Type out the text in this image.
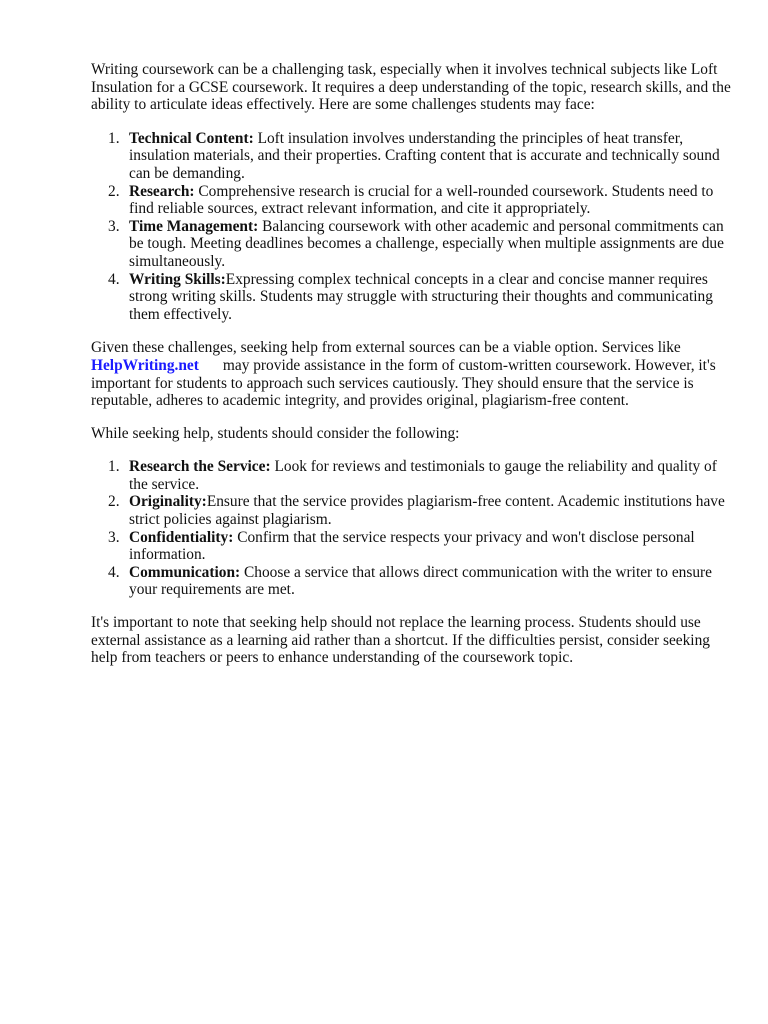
Writing coursework can be a challenging task, especially when it involves technical subjects like Loft Insulation for a GCSE coursework. It requires a deep understanding of the topic, research skills, and the ability to articulate ideas effectively. Here are some challenges students may face:

1. Technical Content: Loft insulation involves understanding the principles of heat transfer, insulation materials, and their properties. Crafting content that is accurate and technically sound can be demanding.
2. Research: Comprehensive research is crucial for a well-rounded coursework. Students need to find reliable sources, extract relevant information, and cite it appropriately.
3. Time Management: Balancing coursework with other academic and personal commitments can be tough. Meeting deadlines becomes a challenge, especially when multiple assignments are due simultaneously.
4. Writing Skills:Expressing complex technical concepts in a clear and concise manner requires strong writing skills. Students may struggle with structuring their thoughts and communicating them effectively.

Given these challenges, seeking help from external sources can be a viable option. Services like HelpWriting.net may provide assistance in the form of custom-written coursework. However, it's important for students to approach such services cautiously. They should ensure that the service is reputable, adheres to academic integrity, and provides original, plagiarism-free content.

While seeking help, students should consider the following:

1. Research the Service: Look for reviews and testimonials to gauge the reliability and quality of the service.
2. Originality:Ensure that the service provides plagiarism-free content. Academic institutions have strict policies against plagiarism.
3. Confidentiality: Confirm that the service respects your privacy and won't disclose personal information.
4. Communication: Choose a service that allows direct communication with the writer to ensure your requirements are met.

It's important to note that seeking help should not replace the learning process. Students should use external assistance as a learning aid rather than a shortcut. If the difficulties persist, consider seeking help from teachers or peers to enhance understanding of the coursework topic.
